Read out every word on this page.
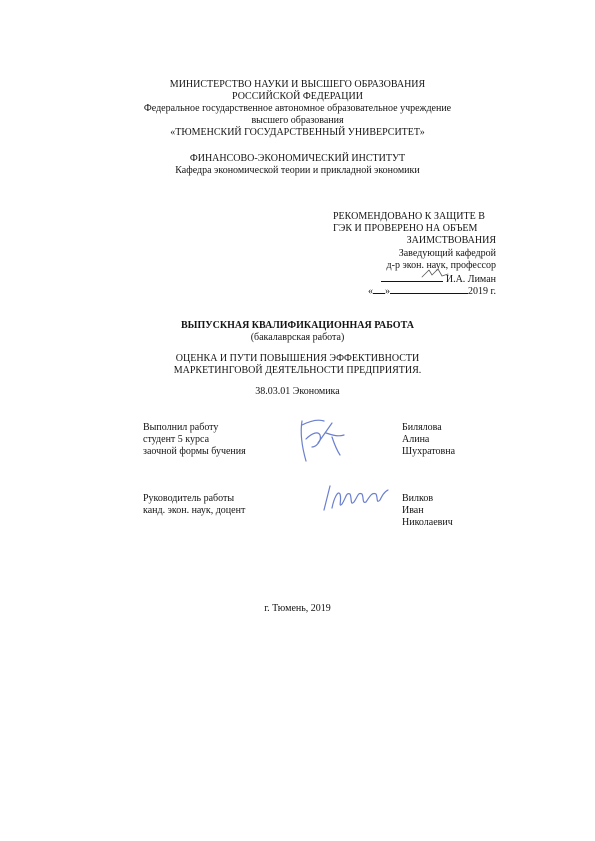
МИНИСТЕРСТВО НАУКИ И ВЫСШЕГО ОБРАЗОВАНИЯ
РОССИЙСКОЙ ФЕДЕРАЦИИ
Федеральное государственное автономное образовательное учреждение
высшего образования
«ТЮМЕНСКИЙ ГОСУДАРСТВЕННЫЙ УНИВЕРСИТЕТ»
ФИНАНСОВО-ЭКОНОМИЧЕСКИЙ ИНСТИТУТ
Кафедра экономической теории и прикладной экономики
РЕКОМЕНДОВАНО К ЗАЩИТЕ В
ГЭК И ПРОВЕРЕНО НА ОБЪЕМ
ЗАИМСТВОВАНИЯ
Заведующий кафедрой
д-р экон. наук, профессор
И.А. Лиман
« »	2019 г.
ВЫПУСКНАЯ КВАЛИФИКАЦИОННАЯ РАБОТА
(бакалаврская работа)
ОЦЕНКА И ПУТИ ПОВЫШЕНИЯ ЭФФЕКТИВНОСТИ
МАРКЕТИНГОВОЙ ДЕЯТЕЛЬНОСТИ ПРЕДПРИЯТИЯ.
38.03.01 Экономика
Выполнил работу
студент 5 курса
заочной формы бучения
Билялова
Алина
Шухратовна
Руководитель работы
канд. экон. наук, доцент
Вилков
Иван
Николаевич
г. Тюмень, 2019
